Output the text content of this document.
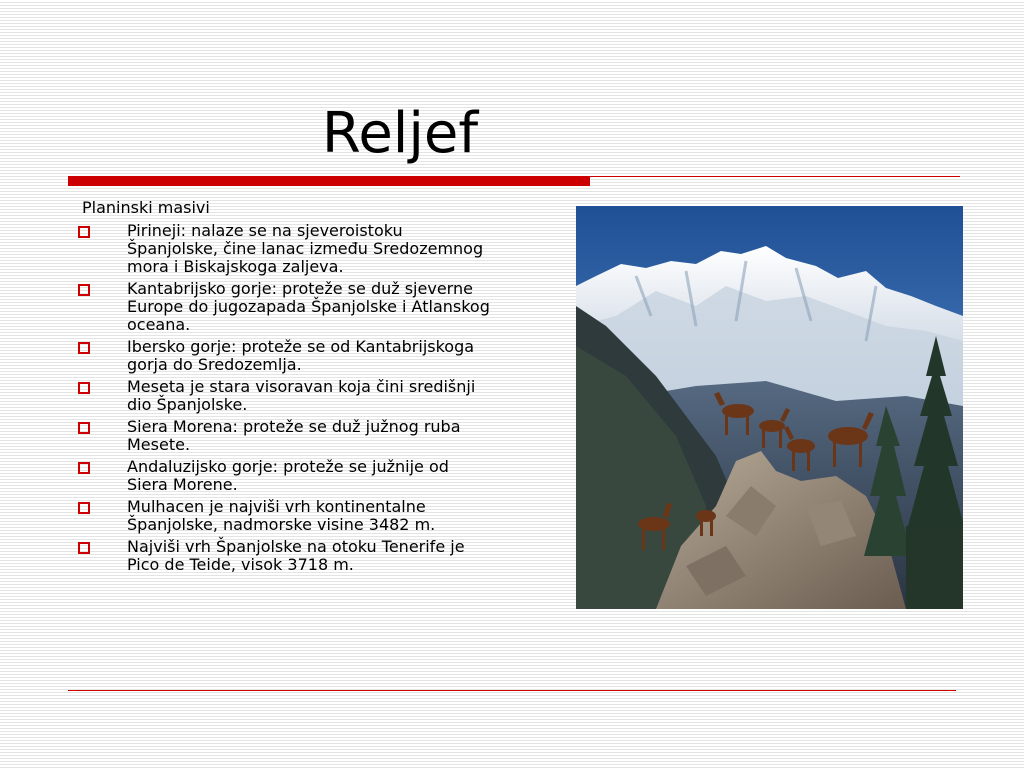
Reljef
Planinski masivi
Pirineji: nalaze se na sjeveroistoku Španjolske, čine lanac između Sredozemnog mora i Biskajskoga zaljeva.
Kantabrijsko gorje: proteže se duž sjeverne Europe do jugozapada Španjolske i Atlanskog oceana.
Ibersko gorje: proteže se od Kantabrijskoga gorja do Sredozemlja.
Meseta je stara visoravan koja čini središnji dio Španjolske.
Siera Morena: proteže se duž južnog ruba Mesete.
Andaluzijsko gorje: proteže se južnije od Siera Morene.
Mulhacen je najviši vrh kontinentalne Španjolske, nadmorske visine 3482 m.
Najviši vrh Španjolske na otoku Tenerife je Pico de Teide, visok 3718 m.
